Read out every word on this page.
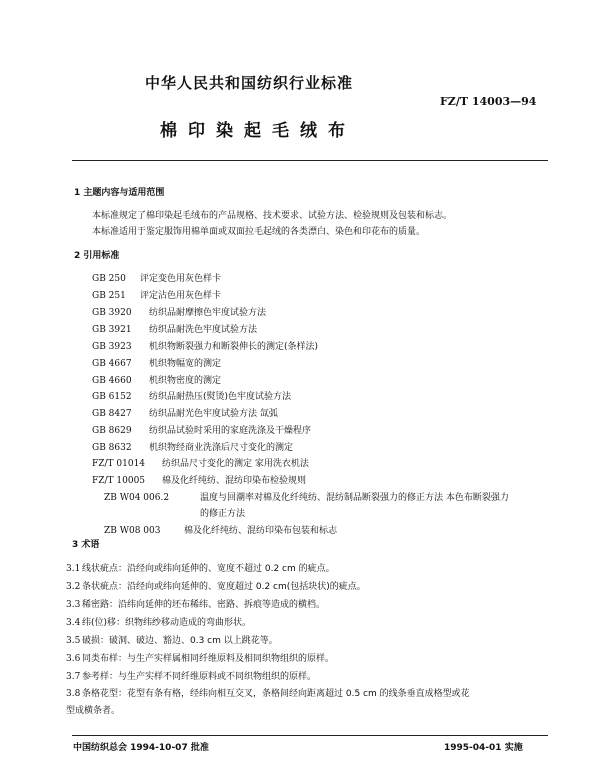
中华人民共和国纺织行业标准
FZ/T 14003—94
棉印染起毛绒布
1 主题内容与适用范围
本标准规定了棉印染起毛绒布的产品规格、技术要求、试验方法、检验规则及包装和标志。
本标准适用于鉴定服饰用棉单面或双面拉毛起绒的各类漂白、染色和印花布的质量。
2 引用标准
GB 250 评定变色用灰色样卡
GB 251 评定沾色用灰色样卡
GB 3920 纺织品耐摩擦色牢度试验方法
GB 3921 纺织品耐洗色牢度试验方法
GB 3923 机织物断裂强力和断裂伸长的测定(条样法)
GB 4667 机织物幅宽的测定
GB 4660 机织物密度的测定
GB 6152 纺织品耐热压(熨烫)色牢度试验方法
GB 8427 纺织品耐光色牢度试验方法 氙弧
GB 8629 纺织品试验时采用的家庭洗涤及干燥程序
GB 8632 机织物经商业洗涤后尺寸变化的测定
FZ/T 01014 纺织品尺寸变化的测定 家用洗衣机法
FZ/T 10005 棉及化纤纯纺、混纺印染布检验规则
ZB W04 006.2	温度与回潮率对棉及化纤纯纺、混纺制品断裂强力的修正方法 本色布断裂强力
的修正方法
ZB W08 003	棉及化纤纯纺、混纺印染布包装和标志
3 术语
3.1 线状疵点：沿经向或纬向延伸的、宽度不超过 0.2 cm 的疵点。
3.2 条状疵点：沿经向或纬向延伸的、宽度超过 0.2 cm(包括块状)的疵点。
3.3 稀密路：沿纬向延伸的坯布稀纬、密路、拆痕等造成的横档。
3.4 纬(位)移：织物纬纱移动造成的弯曲形状。
3.5 破损：破洞、破边、豁边、0.3 cm 以上跳花等。
3.6 同类布样：与生产实样属相同纤维原料及相同织物组织的原样。
3.7 参考样：与生产实样不同纤维原料或不同织物组织的原样。
3.8 条格花型：花型有条有格，经纬向相互交叉，条格间经向距离超过 0.5 cm 的线条垂直成格型或花
型成横条者。
中国纺织总会 1994-10-07 批准	1995-04-01 实施
